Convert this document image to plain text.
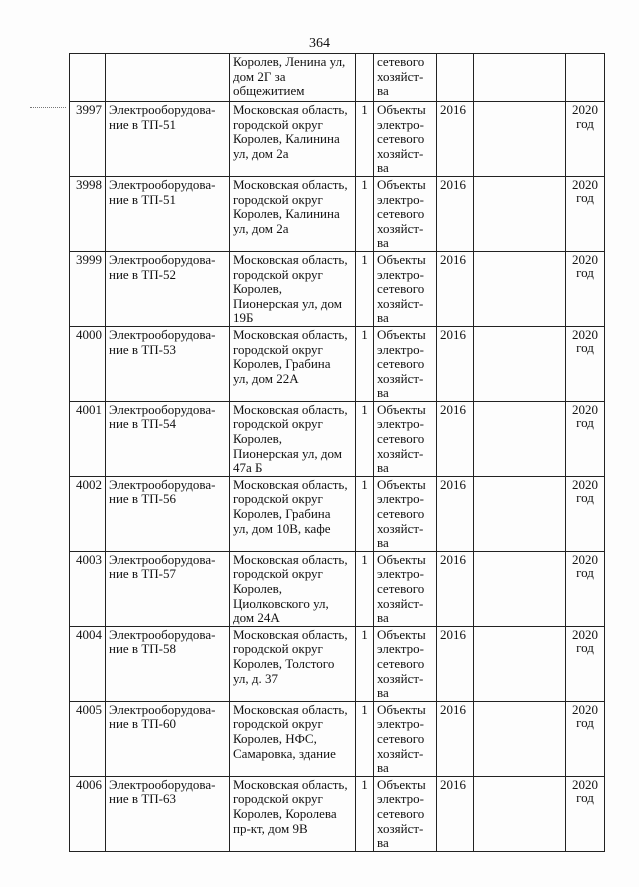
364

		Королев, Ленина ул,
дом 2Г за
общежитием		сетевого
хозяйст-
ва			

3997	Электрооборудова-
ние в ТП-51	Московская область,
городской округ
Королев, Калинина
ул, дом 2а	1	Объекты
электро-
сетевого
хозяйст-
ва	2016		2020
год

3998	Электрооборудова-
ние в ТП-51	Московская область,
городской округ
Королев, Калинина
ул, дом 2а	1	Объекты
электро-
сетевого
хозяйст-
ва	2016		2020
год

3999	Электрооборудова-
ние в ТП-52	Московская область,
городской округ
Королев,
Пионерская ул, дом
19Б	1	Объекты
электро-
сетевого
хозяйст-
ва	2016		2020
год

4000	Электрооборудова-
ние в ТП-53	Московская область,
городской округ
Королев, Грабина
ул, дом 22А	1	Объекты
электро-
сетевого
хозяйст-
ва	2016		2020
год

4001	Электрооборудова-
ние в ТП-54	Московская область,
городской округ
Королев,
Пионерская ул, дом
47а Б	1	Объекты
электро-
сетевого
хозяйст-
ва	2016		2020
год

4002	Электрооборудова-
ние в ТП-56	Московская область,
городской округ
Королев, Грабина
ул, дом 10В, кафе	1	Объекты
электро-
сетевого
хозяйст-
ва	2016		2020
год

4003	Электрооборудова-
ние в ТП-57	Московская область,
городской округ
Королев,
Циолковского ул,
дом 24А	1	Объекты
электро-
сетевого
хозяйст-
ва	2016		2020
год

4004	Электрооборудова-
ние в ТП-58	Московская область,
городской округ
Королев, Толстого
ул, д. 37	1	Объекты
электро-
сетевого
хозяйст-
ва	2016		2020
год

4005	Электрооборудова-
ние в ТП-60	Московская область,
городской округ
Королев, НФС,
Самаровка, здание	1	Объекты
электро-
сетевого
хозяйст-
ва	2016		2020
год

4006	Электрооборудова-
ние в ТП-63	Московская область,
городской округ
Королев, Королева
пр-кт, дом 9В	1	Объекты
электро-
сетевого
хозяйст-
ва	2016		2020
год
